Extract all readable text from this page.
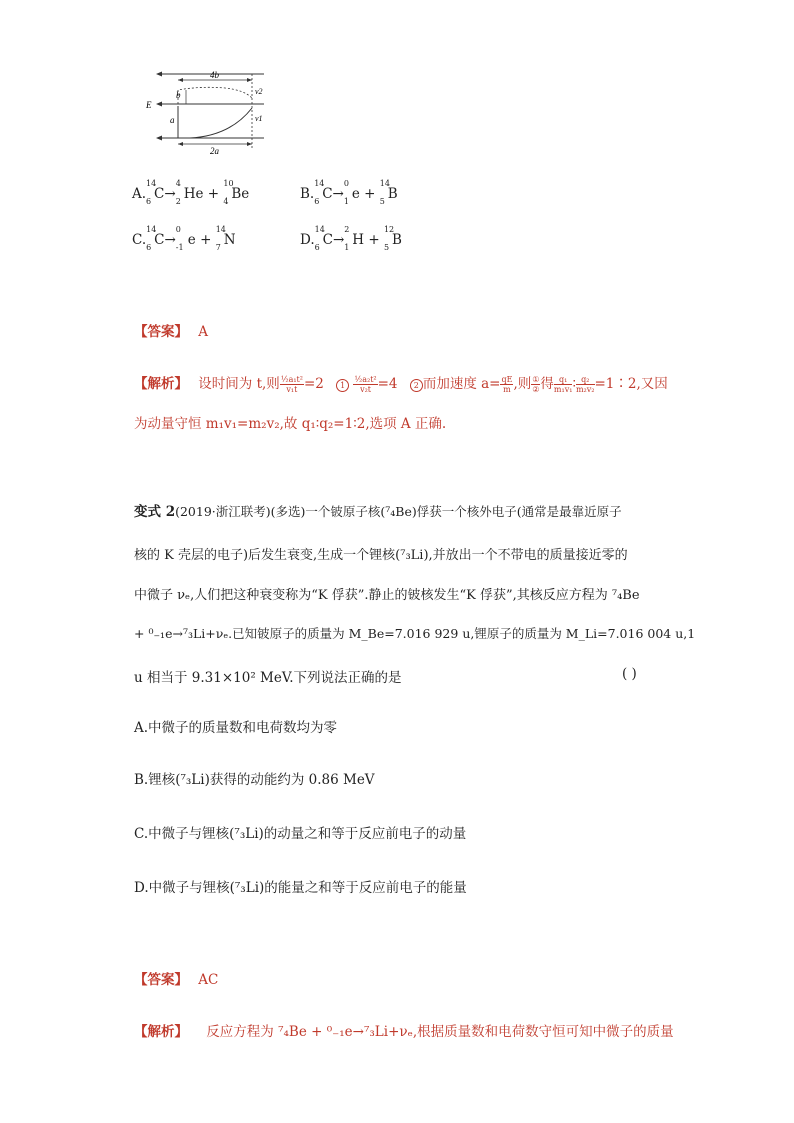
4b
b
E
a
2a
v2
v1
A.
14
6 C→
4
2 He +
10
4 Be	B.
14
6 C→
0
1 e +
14
5 B
C.
14
6 C→
0
-1 e +
14
7 N	D.
14
6 C→
2
1 H +
12
5 B
【答案】 A
【解析】 设时间为 t,则 $\frac{\text{½a₁t²}}{\text{v₁t}} =2$ $1 \frac{\text{½a₂t²}}{\text{v₂t}} =4$ 2 而加速度 $a= \frac{qE}{m}$ ,则 $\frac{\text{①}}{\text{②}}$ 得 $\frac{\text{q₁}}{\text{m₁v₁}}$ ∶ $\frac{\text{q₂}}{\text{m₂v₂}}$ =1∶2,又因
为动量守恒 m₁v₁=m₂v₂,故 q₁∶q₂=1∶2,选项 A 正确.
变式 2(2019·浙江联考)(多选)一个铍原子核(⁷₄Be)俘获一个核外电子(通常是最靠近原子
核的 K 壳层的电子)后发生衰变,生成一个锂核(⁷₃Li),并放出一个不带电的质量接近零的
中微子 νₑ,人们把这种衰变称为“K 俘获”.静止的铍核发生“K 俘获”,其核反应方程为 ⁷₄Be
+ ⁰₋₁e→⁷₃Li+νₑ.已知铍原子的质量为 M_Be=7.016 929 u,锂原子的质量为 M_Li=7.016 004 u,1
u 相当于 9.31×10² MeV.下列说法正确的是	( )
A.中微子的质量数和电荷数均为零
B.锂核(⁷₃Li)获得的动能约为 0.86 MeV
C.中微子与锂核(⁷₃Li)的动量之和等于反应前电子的动量
D.中微子与锂核(⁷₃Li)的能量之和等于反应前电子的能量
【答案】 AC
【解析】 反应方程为 ⁷₄Be + ⁰₋₁e→⁷₃Li+νₑ,根据质量数和电荷数守恒可知中微子的质量
